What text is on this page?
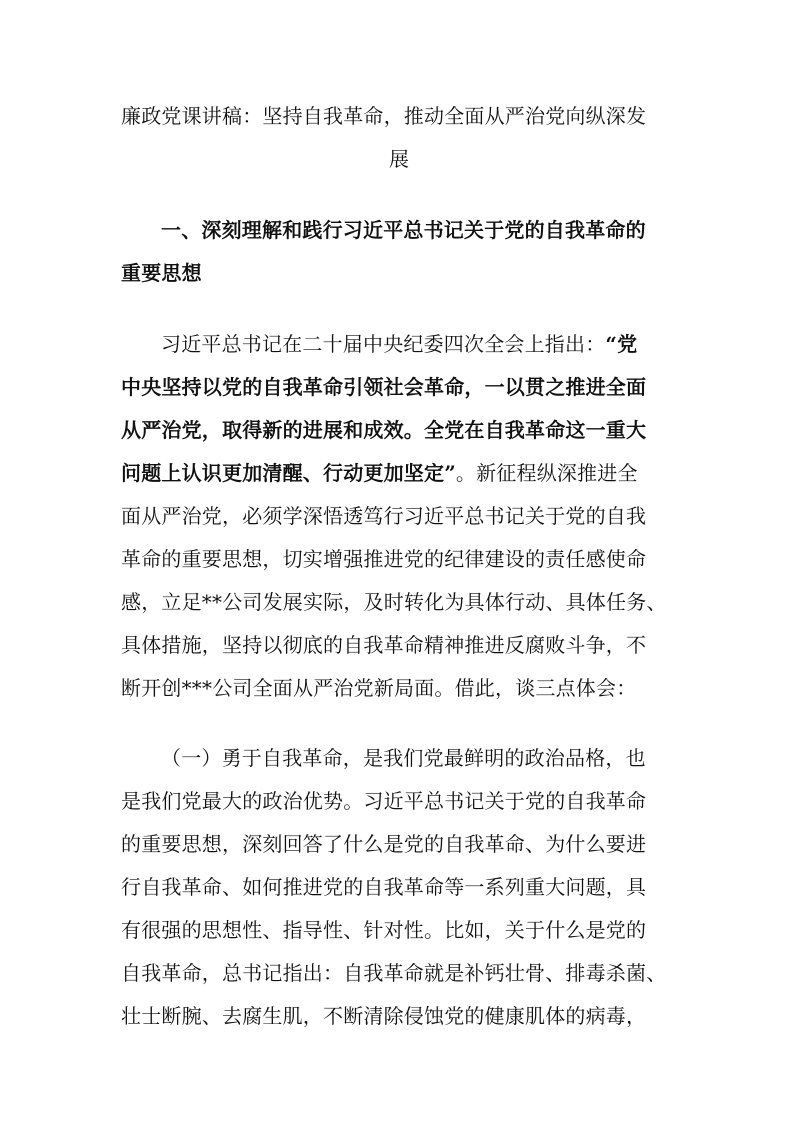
廉政党课讲稿：坚持自我革命，推动全面从严治党向纵深发
展
一、深刻理解和践行习近平总书记关于党的自我革命的
重要思想
习近平总书记在二十届中央纪委四次全会上指出：“党
中央坚持以党的自我革命引领社会革命，一以贯之推进全面
从严治党，取得新的进展和成效。全党在自我革命这一重大
问题上认识更加清醒、行动更加坚定”。新征程纵深推进全
面从严治党，必须学深悟透笃行习近平总书记关于党的自我
革命的重要思想，切实增强推进党的纪律建设的责任感使命
感，立足**公司发展实际，及时转化为具体行动、具体任务、
具体措施，坚持以彻底的自我革命精神推进反腐败斗争，不
断开创***公司全面从严治党新局面。借此，谈三点体会：
（一）勇于自我革命，是我们党最鲜明的政治品格，也
是我们党最大的政治优势。习近平总书记关于党的自我革命
的重要思想，深刻回答了什么是党的自我革命、为什么要进
行自我革命、如何推进党的自我革命等一系列重大问题，具
有很强的思想性、指导性、针对性。比如，关于什么是党的
自我革命，总书记指出：自我革命就是补钙壮骨、排毒杀菌、
壮士断腕、去腐生肌，不断清除侵蚀党的健康肌体的病毒，
